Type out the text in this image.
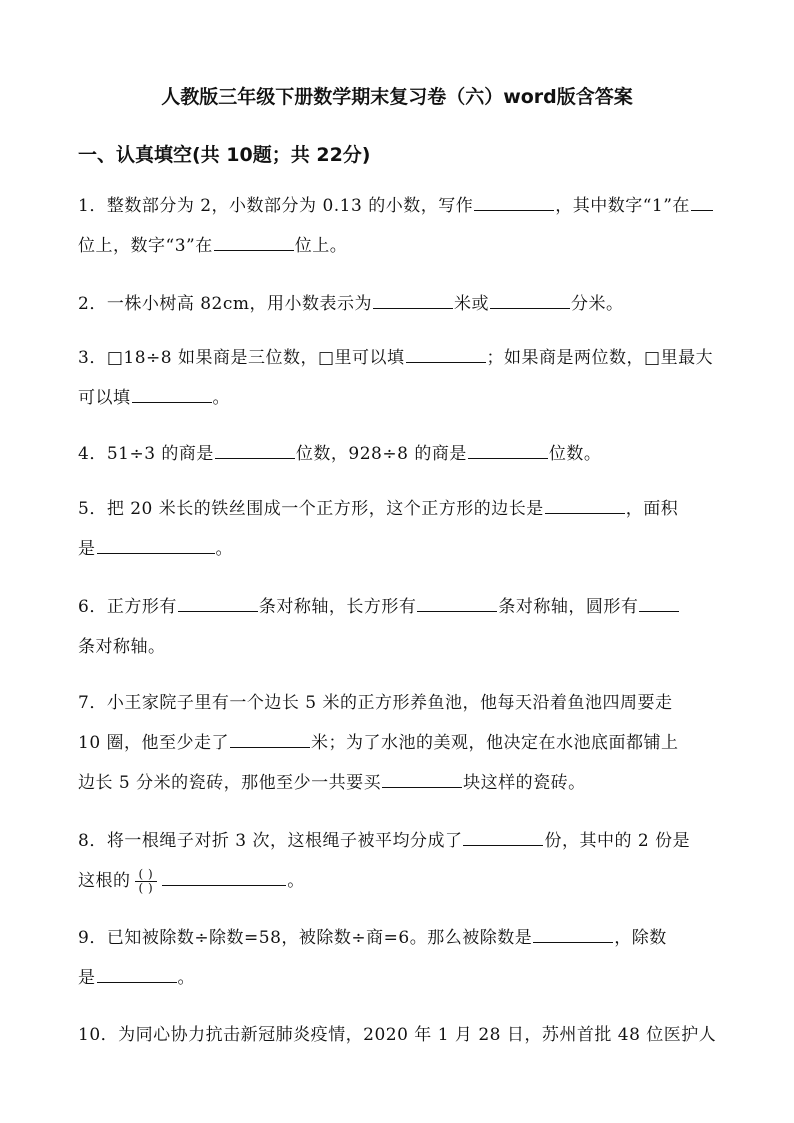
人教版三年级下册数学期末复习卷（六）word版含答案
一、认真填空(共 10题；共 22分)
1．整数部分为 2，小数部分为 0.13 的小数，写作	，其中数字“1”在
位上，数字“3”在	位上。
2．一株小树高 82cm，用小数表示为	米或	分米。
3．□18÷8 如果商是三位数，□里可以填	；如果商是两位数，□里最大
可以填	。
4．51÷3 的商是	位数，928÷8 的商是	位数。
5．把 20 米长的铁丝围成一个正方形，这个正方形的边长是	，面积
是	。
6．正方形有	条对称轴，长方形有	条对称轴，圆形有
条对称轴。
7．小王家院子里有一个边长 5 米的正方形养鱼池，他每天沿着鱼池四周要走
10 圈，他至少走了	米；为了水池的美观，他决定在水池底面都铺上
边长 5 分米的瓷砖，那他至少一共要买	块这样的瓷砖。
8．将一根绳子对折 3 次，这根绳子被平均分成了	份，其中的 2 份是
这根的 $\frac{( )}{( )}$	。
9．已知被除数÷除数=58，被除数÷商=6。那么被除数是	，除数
是	。
10．为同心协力抗击新冠肺炎疫情，2020 年 1 月 28 日，苏州首批 48 位医护人
